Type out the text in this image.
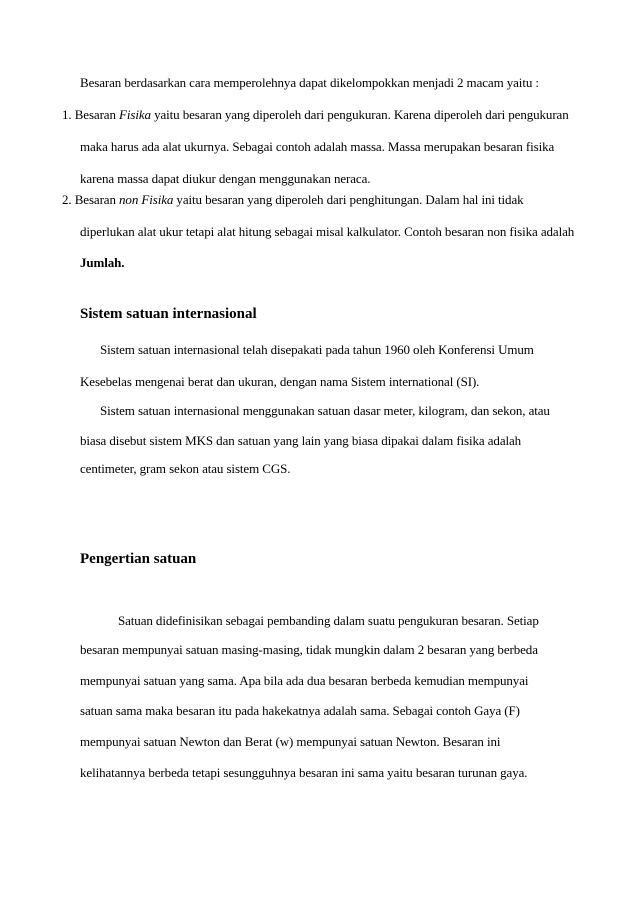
Besaran berdasarkan cara memperolehnya dapat dikelompokkan menjadi 2 macam yaitu :
1. Besaran Fisika yaitu besaran yang diperoleh dari pengukuran. Karena diperoleh dari pengukuran
maka harus ada alat ukurnya. Sebagai contoh adalah massa. Massa merupakan besaran fisika
karena massa dapat diukur dengan menggunakan neraca.
2. Besaran non Fisika yaitu besaran yang diperoleh dari penghitungan. Dalam hal ini tidak
diperlukan alat ukur tetapi alat hitung sebagai misal kalkulator. Contoh besaran non fisika adalah
Jumlah.
Sistem satuan internasional
Sistem satuan internasional telah disepakati pada tahun 1960 oleh Konferensi Umum
Kesebelas mengenai berat dan ukuran, dengan nama Sistem international (SI).
Sistem satuan internasional menggunakan satuan dasar meter, kilogram, dan sekon, atau
biasa disebut sistem MKS dan satuan yang lain yang biasa dipakai dalam fisika adalah
centimeter, gram sekon atau sistem CGS.
Pengertian satuan
Satuan didefinisikan sebagai pembanding dalam suatu pengukuran besaran. Setiap
besaran mempunyai satuan masing-masing, tidak mungkin dalam 2 besaran yang berbeda
mempunyai satuan yang sama. Apa bila ada dua besaran berbeda kemudian mempunyai
satuan sama maka besaran itu pada hakekatnya adalah sama. Sebagai contoh Gaya (F)
mempunyai satuan Newton dan Berat (w) mempunyai satuan Newton. Besaran ini
kelihatannya berbeda tetapi sesungguhnya besaran ini sama yaitu besaran turunan gaya.
